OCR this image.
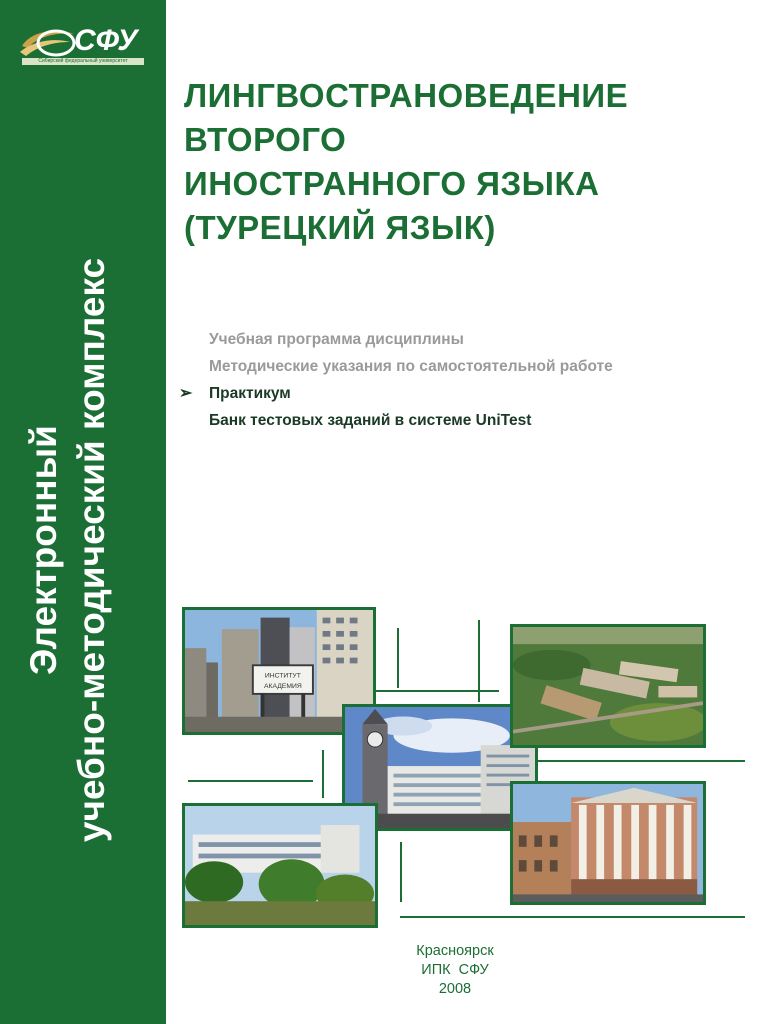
СФУ
Сибирский федеральный университет
Электронный учебно-методический комплекс
ЛИНГВОСТРАНОВЕДЕНИЕ
ВТОРОГО
ИНОСТРАННОГО ЯЗЫКА
(ТУРЕЦКИЙ ЯЗЫК)
Учебная программа дисциплины
Методические указания по самостоятельной работе
➢ Практикум
Банк тестовых заданий в системе UniTest
ИНСТИТУТ
АКАДЕМИЯ
Красноярск
ИПК  СФУ
2008
